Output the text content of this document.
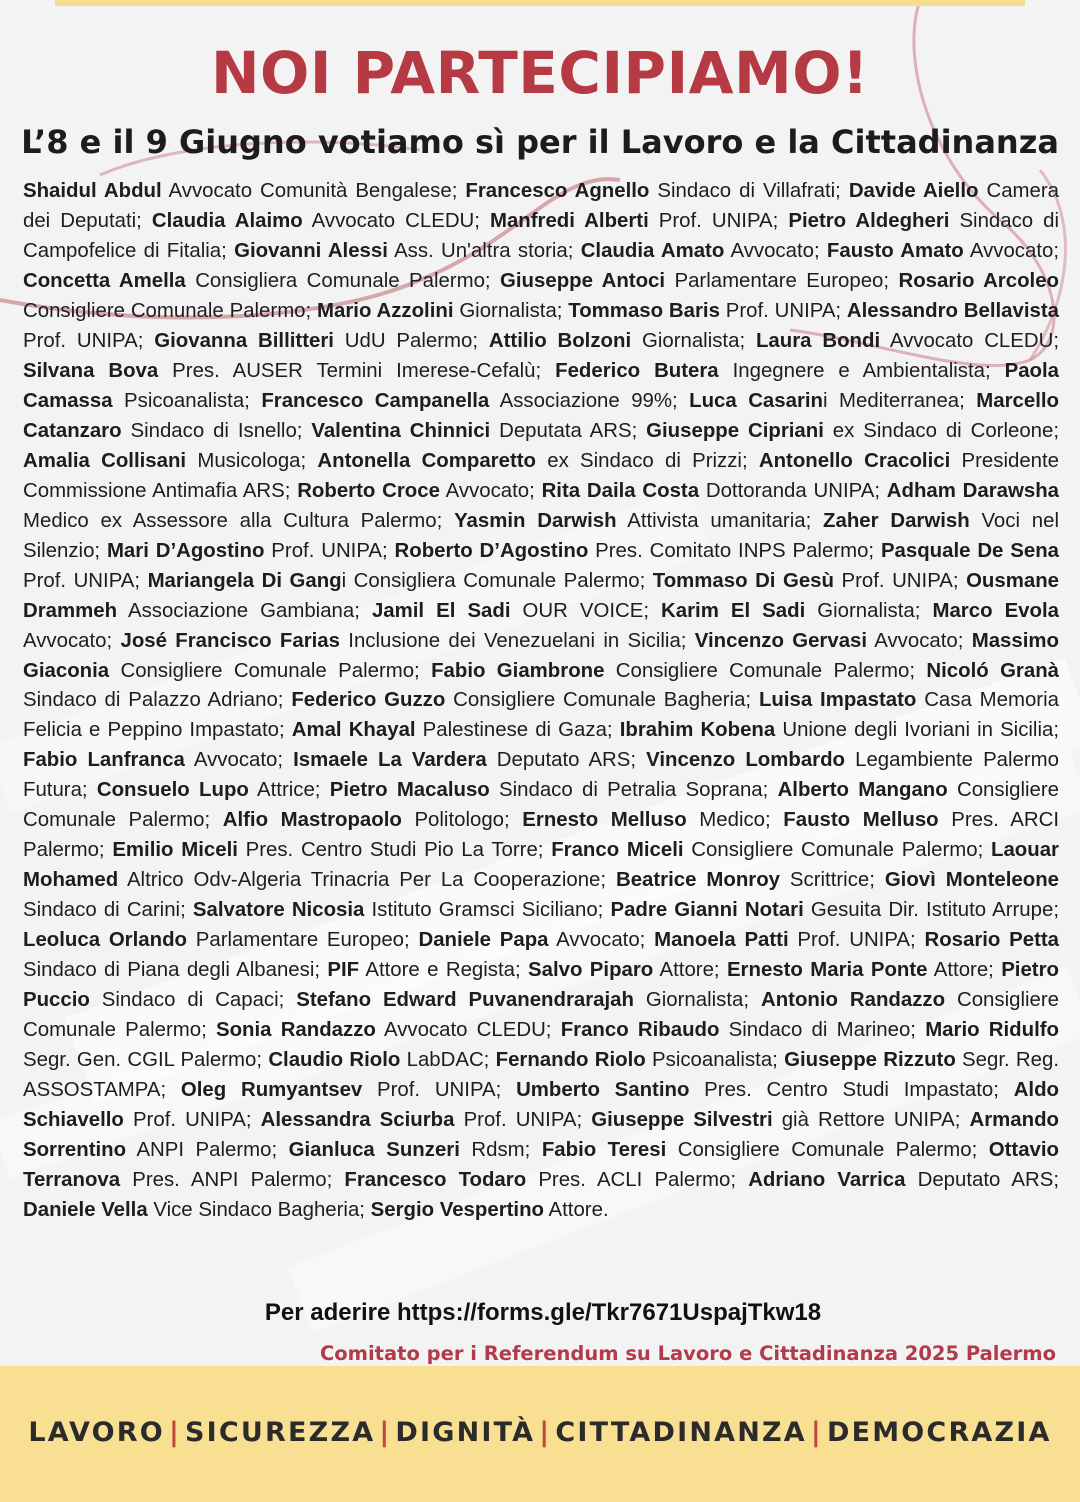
NOI PARTECIPIAMO!
L’8 e il 9 Giugno votiamo sì per il Lavoro e la Cittadinanza
Shaidul Abdul Avvocato Comunità Bengalese; Francesco Agnello Sindaco di Villafrati; Davide Aiello Camera dei Deputati; Claudia Alaimo Avvocato CLEDU; Manfredi Alberti Prof. UNIPA; Pietro Aldegheri Sindaco di Campofelice di Fitalia; Giovanni Alessi Ass. Un'altra storia; Claudia Amato Avvocato; Fausto Amato Avvocato; Concetta Amella Consigliera Comunale Palermo; Giuseppe Antoci Parlamentare Europeo; Rosario Arcoleo Consigliere Comunale Palermo; Mario Azzolini Giornalista; Tommaso Baris Prof. UNIPA; Alessandro Bellavista Prof. UNIPA; Giovanna Billitteri UdU Palermo; Attilio Bolzoni Giornalista; Laura Bondi Avvocato CLEDU; Silvana Bova Pres. AUSER Termini Imerese-Cefalù; Federico Butera Ingegnere e Ambientalista; Paola Camassa Psicoanalista; Francesco Campanella Associazione 99%; Luca Casarini Mediterranea; Marcello Catanzaro Sindaco di Isnello; Valentina Chinnici Deputata ARS; Giuseppe Cipriani ex Sindaco di Corleone; Amalia Collisani Musicologa; Antonella Comparetto ex Sindaco di Prizzi; Antonello Cracolici Presidente Commissione Antimafia ARS; Roberto Croce Avvocato; Rita Daila Costa Dottoranda UNIPA; Adham Darawsha Medico ex Assessore alla Cultura Palermo; Yasmin Darwish Attivista umanitaria; Zaher Darwish Voci nel Silenzio; Mari D’Agostino Prof. UNIPA; Roberto D’Agostino Pres. Comitato INPS Palermo; Pasquale De Sena Prof. UNIPA; Mariangela Di Gangi Consigliera Comunale Palermo; Tommaso Di Gesù Prof. UNIPA; Ousmane Drammeh Associazione Gambiana; Jamil El Sadi OUR VOICE; Karim El Sadi Giornalista; Marco Evola Avvocato; José Francisco Farias Inclusione dei Venezuelani in Sicilia; Vincenzo Gervasi Avvocato; Massimo Giaconia Consigliere Comunale Palermo; Fabio Giambrone Consigliere Comunale Palermo; Nicoló Granà Sindaco di Palazzo Adriano; Federico Guzzo Consigliere Comunale Bagheria; Luisa Impastato Casa Memoria Felicia e Peppino Impastato; Amal Khayal Palestinese di Gaza; Ibrahim Kobena Unione degli Ivoriani in Sicilia; Fabio Lanfranca Avvocato; Ismaele La Vardera Deputato ARS; Vincenzo Lombardo Legambiente Palermo Futura; Consuelo Lupo Attrice; Pietro Macaluso Sindaco di Petralia Soprana; Alberto Mangano Consigliere Comunale Palermo; Alfio Mastropaolo Politologo; Ernesto Melluso Medico; Fausto Melluso Pres. ARCI Palermo; Emilio Miceli Pres. Centro Studi Pio La Torre; Franco Miceli Consigliere Comunale Palermo; Laouar Mohamed Altrico Odv-Algeria Trinacria Per La Cooperazione; Beatrice Monroy Scrittrice; Giovì Monteleone Sindaco di Carini; Salvatore Nicosia Istituto Gramsci Siciliano; Padre Gianni Notari Gesuita Dir. Istituto Arrupe; Leoluca Orlando Parlamentare Europeo; Daniele Papa Avvocato; Manoela Patti Prof. UNIPA; Rosario Petta Sindaco di Piana degli Albanesi; PIF Attore e Regista; Salvo Piparo Attore; Ernesto Maria Ponte Attore; Pietro Puccio Sindaco di Capaci; Stefano Edward Puvanendrarajah Giornalista; Antonio Randazzo Consigliere Comunale Palermo; Sonia Randazzo Avvocato CLEDU; Franco Ribaudo Sindaco di Marineo; Mario Ridulfo Segr. Gen. CGIL Palermo; Claudio Riolo LabDAC; Fernando Riolo Psicoanalista; Giuseppe Rizzuto Segr. Reg. ASSOSTAMPA; Oleg Rumyantsev Prof. UNIPA; Umberto Santino Pres. Centro Studi Impastato; Aldo Schiavello Prof. UNIPA; Alessandra Sciurba Prof. UNIPA; Giuseppe Silvestri già Rettore UNIPA; Armando Sorrentino ANPI Palermo; Gianluca Sunzeri Rdsm; Fabio Teresi Consigliere Comunale Palermo; Ottavio Terranova Pres. ANPI Palermo; Francesco Todaro Pres. ACLI Palermo; Adriano Varrica Deputato ARS; Daniele Vella Vice Sindaco Bagheria; Sergio Vespertino Attore.
Per aderire https://forms.gle/Tkr7671UspajTkw18
Comitato per i Referendum su Lavoro e Cittadinanza 2025 Palermo
LAVORO | SICUREZZA | DIGNITÀ | CITTADINANZA | DEMOCRAZIA
